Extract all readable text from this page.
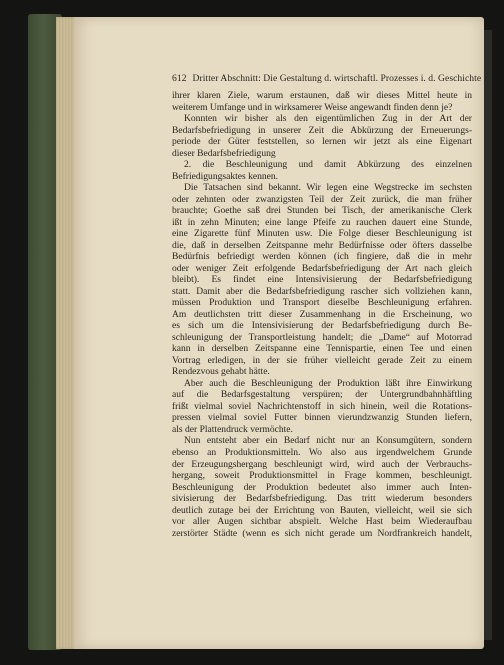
612 Dritter Abschnitt: Die Gestaltung d. wirtschaftl. Prozesses i. d. Geschichte
ihrer klaren Ziele, warum erstaunen, daß wir dieses Mittel heute in
weiterem Umfange und in wirksamerer Weise angewandt finden denn je?
Konnten wir bisher als den eigentümlichen Zug in der Art der
Bedarfsbefriedigung in unserer Zeit die Abkürzung der Erneuerungs-
periode der Güter feststellen, so lernen wir jetzt als eine Eigenart
dieser Bedarfsbefriedigung
2. die Beschleunigung und damit Abkürzung des einzelnen
Befriedigungsaktes kennen.
Die Tatsachen sind bekannt. Wir legen eine Wegstrecke im sechsten
oder zehnten oder zwanzigsten Teil der Zeit zurück, die man früher
brauchte; Goethe saß drei Stunden bei Tisch, der amerikanische Clerk
ißt in zehn Minuten; eine lange Pfeife zu rauchen dauert eine Stunde,
eine Zigarette fünf Minuten usw. Die Folge dieser Beschleunigung ist
die, daß in derselben Zeitspanne mehr Bedürfnisse oder öfters dasselbe
Bedürfnis befriedigt werden können (ich fingiere, daß die in mehr
oder weniger Zeit erfolgende Bedarfsbefriedigung der Art nach gleich
bleibt). Es findet eine Intensivisierung der Bedarfsbefriedigung
statt. Damit aber die Bedarfsbefriedigung rascher sich vollziehen kann,
müssen Produktion und Transport dieselbe Beschleunigung erfahren.
Am deutlichsten tritt dieser Zusammenhang in die Erscheinung, wo
es sich um die Intensivisierung der Bedarfsbefriedigung durch Be-
schleunigung der Transportleistung handelt; die „Dame“ auf Motorrad
kann in derselben Zeitspanne eine Tennispartie, einen Tee und einen
Vortrag erledigen, in der sie früher vielleicht gerade Zeit zu einem
Rendezvous gehabt hätte.
Aber auch die Beschleunigung der Produktion läßt ihre Einwirkung
auf die Bedarfsgestaltung verspüren; der Untergrundbahnhäftling
frißt vielmal soviel Nachrichtenstoff in sich hinein, weil die Rotations-
pressen vielmal soviel Futter binnen vierundzwanzig Stunden liefern,
als der Plattendruck vermöchte.
Nun entsteht aber ein Bedarf nicht nur an Konsumgütern, sondern
ebenso an Produktionsmitteln. Wo also aus irgendwelchem Grunde
der Erzeugungshergang beschleunigt wird, wird auch der Verbrauchs-
hergang, soweit Produktionsmittel in Frage kommen, beschleunigt.
Beschleunigung der Produktion bedeutet also immer auch Inten-
sivisierung der Bedarfsbefriedigung. Das tritt wiederum besonders
deutlich zutage bei der Errichtung von Bauten, vielleicht, weil sie sich
vor aller Augen sichtbar abspielt. Welche Hast beim Wiederaufbau
zerstörter Städte (wenn es sich nicht gerade um Nordfrankreich handelt,
